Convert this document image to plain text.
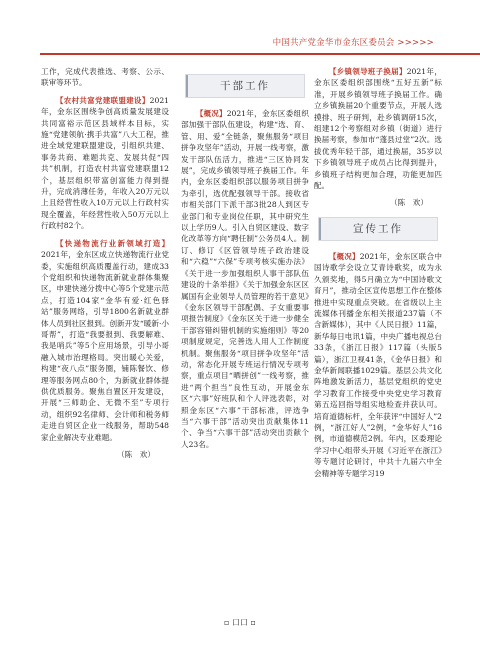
中国共产党金华市金东区委员会 >>>>>

工作，完成代表推选、考察、公示、联审等环节。

【农村共富党建联盟建设】2021年，金东区围绕争创高质量发展建设共同富裕示范区县域样本目标，实施“党建领航·携手共富”八大工程，推进全域党建联盟建设，引组织共建、事务共商、难题共克、发展共促“四共”机制，打造农村共富党建联盟12个，基层组织带富创富能力得到提升，完成消薄任务，年收入20万元以上且经营性收入10万元以上行政村实现全覆盖，年经营性收入50万元以上行政村82个。

【快递物流行业新领域打造】2021年，金东区成立快递物流行业党委，实施组织高质覆盖行动，建成33个党组织和快递物流新就业群体集聚区，申建快递分拨中心等5个党建示范点，打造104家“金华有爱·红色驿站”服务网络，引导1800名新就业群体人员到社区报到。创新开发“暖新·小哥帮”，打造“我要报到、我要解难、我是哨兵”等5个应用场景，引导小哥融入城市治理格局。突出暖心关爱，构建“夜八点”服务圈，铺陈餐饮、修理等服务网点80个，为新就业群体提供优质服务。聚焦自置区开发建设，开展“三师助企、无微不至”专项行动，组织92名律师、会计师和税务师走进自贸区企业一线服务，帮助548家企业解决专业难题。

（陈　欢）

干部工作

【概况】2021年，金东区委组织部加强干部队伍建设，构建“选、育、管、用、爱”全链条，聚焦服务“项目拼争攻坚年”活动，开展一线考察，激发干部队伍活力，推进“三区协同发展”，完成乡镇领导班子换届工作。年内，金东区委组织部以服务项目拼争为牵引，选优配强领导干部。接收省市相关部门下派干部3批28人到区专业部门和专业岗位任职，其中研究生以上学历9人。引入自贸区建设、数字化改革等方向“聘任制”公务员4人。制订、修订《区管领导班子政治建设和“六稳”“六保”专项考核实施办法》《关于进一步加强组织人事干部队伍建设的十条举措》《关于加强金东区区属国有企业领导人员管理的若干意见》《金东区领导干部配偶、子女重要事项报告制度》《金东区关于进一步健全干部容错纠错机制的实施细则》等20项制度规定，完善选人用人工作制度机制。聚焦服务“项目拼争攻坚年”活动，常态化开展专班运行情况专项考察，重点项目“晒拼创”一线考察，推进“两个担当”良性互动，开展金东区“六事”好班队和个人评选表彰，对照金东区“六事”干部标准，评选争当“六事干部”活动突出贡献集体11个、争当“六事干部”活动突出贡献个人23名。

【乡镇领导班子换届】2021年，金东区委组织部围绕“五好五新”标准，开展乡镇领导班子换届工作。确立乡镇换届20个重要节点，开展人选摸排、班子研判，赴乡镇调研15次，组建12个考察组对乡镇（街道）进行换届考察，参加市“蓬县过堂”2次。选拔优秀年轻干部，通过换届，35岁以下乡镇领导班子成员占比得到提升，乡镇班子结构更加合理，功能更加匹配。

（陈　欢）

宣传工作

【概况】2021年，金东区联合中国诗歌学会设立艾青诗歌奖，成为永久颁奖地，得5月确立为“中国诗歌文育月”，推动全区宣传思想工作在整体推进中实现重点突破。在省级以上主流媒体刊播金东相关报道237篇（不含新媒体），其中《人民日报》11篇，新华每日电讯1篇，中央广播电视总台33条，《浙江日报》117篇（头版5篇），浙江卫视41条，《金华日报》和金华新闻联播1029篇。基层公共文化阵地激发新活力，基层党组织的党史学习教育工作接受中央党史学习教育第五巡回指导组实地检查并获认可。培育道德标杆，全年获评“中国好人”2例，“浙江好人”2例，“金华好人”16例，市道德模范2例。年内，区委理论学习中心组带头开展《习近平在浙江》等专题讨论研讨，中共十九届六中全会精神等专题学习19

▫ 口口 ▫
